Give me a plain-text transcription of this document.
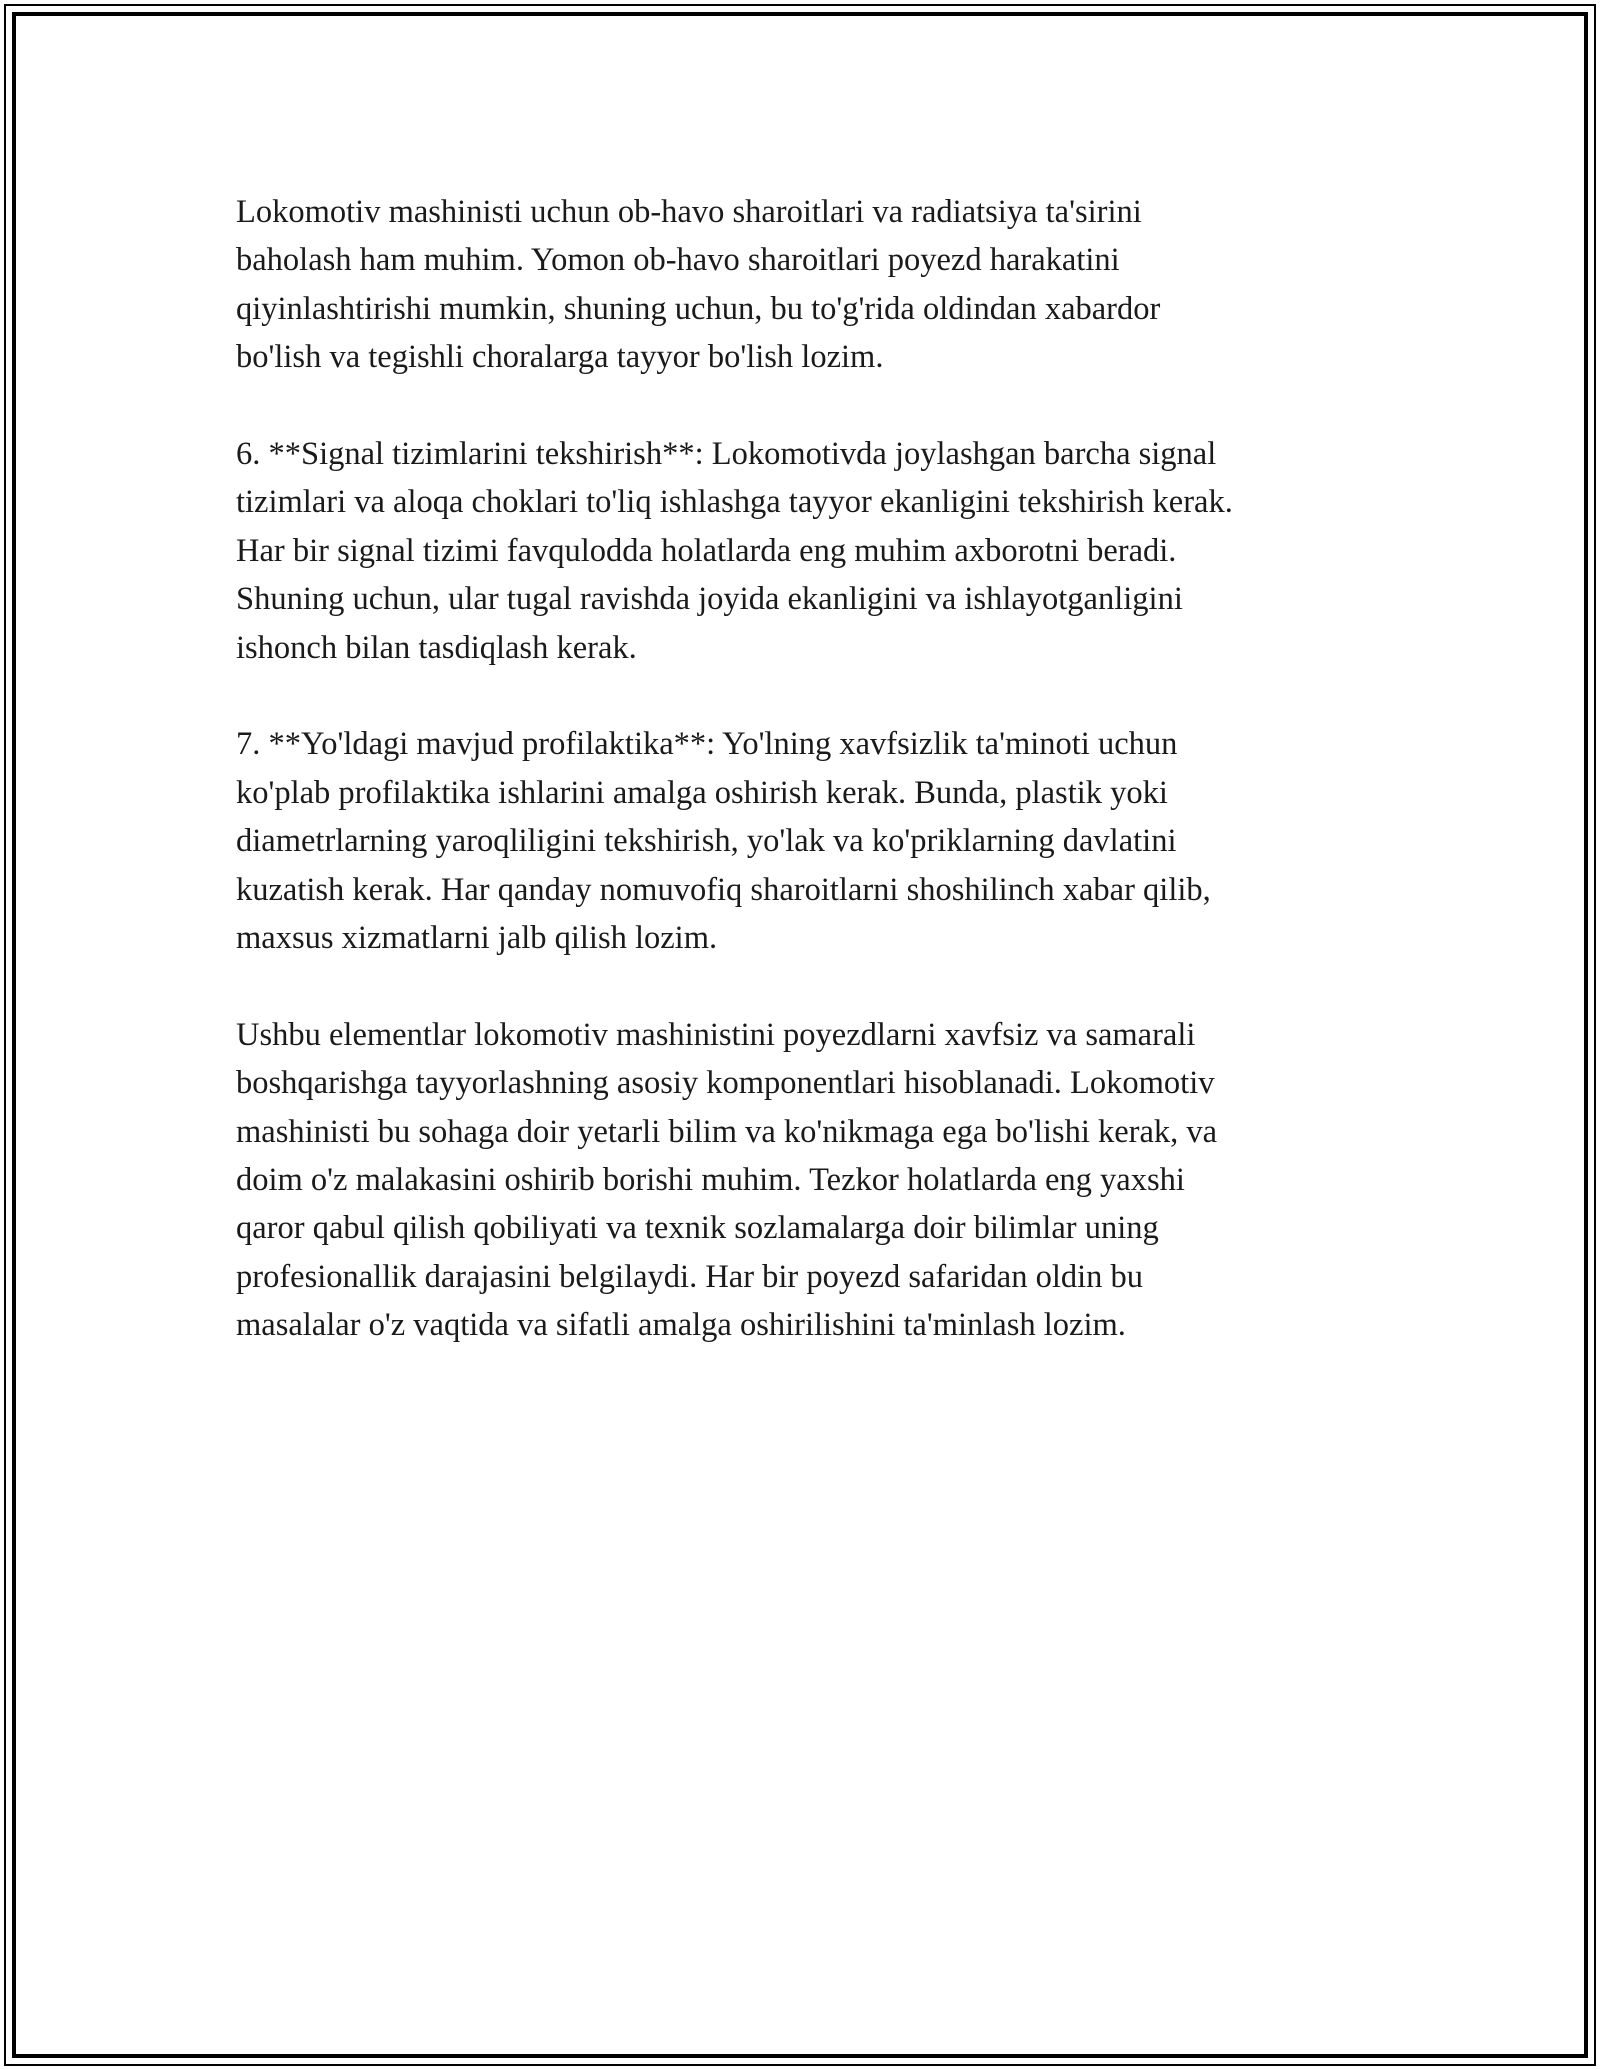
Lokomotiv mashinisti uchun ob-havo sharoitlari va radiatsiya ta'sirini
baholash ham muhim. Yomon ob-havo sharoitlari poyezd harakatini
qiyinlashtirishi mumkin, shuning uchun, bu to'g'rida oldindan xabardor
bo'lish va tegishli choralarga tayyor bo'lish lozim.

6. **Signal tizimlarini tekshirish**: Lokomotivda joylashgan barcha signal
tizimlari va aloqa choklari to'liq ishlashga tayyor ekanligini tekshirish kerak.
Har bir signal tizimi favqulodda holatlarda eng muhim axborotni beradi.
Shuning uchun, ular tugal ravishda joyida ekanligini va ishlayotganligini
ishonch bilan tasdiqlash kerak.

7. **Yo'ldagi mavjud profilaktika**: Yo'lning xavfsizlik ta'minoti uchun
ko'plab profilaktika ishlarini amalga oshirish kerak. Bunda, plastik yoki
diametrlarning yaroqliligini tekshirish, yo'lak va ko'priklarning davlatini
kuzatish kerak. Har qanday nomuvofiq sharoitlarni shoshilinch xabar qilib,
maxsus xizmatlarni jalb qilish lozim.

Ushbu elementlar lokomotiv mashinistini poyezdlarni xavfsiz va samarali
boshqarishga tayyorlashning asosiy komponentlari hisoblanadi. Lokomotiv
mashinisti bu sohaga doir yetarli bilim va ko'nikmaga ega bo'lishi kerak, va
doim o'z malakasini oshirib borishi muhim. Tezkor holatlarda eng yaxshi
qaror qabul qilish qobiliyati va texnik sozlamalarga doir bilimlar uning
profesionallik darajasini belgilaydi. Har bir poyezd safaridan oldin bu
masalalar o'z vaqtida va sifatli amalga oshirilishini ta'minlash lozim.
